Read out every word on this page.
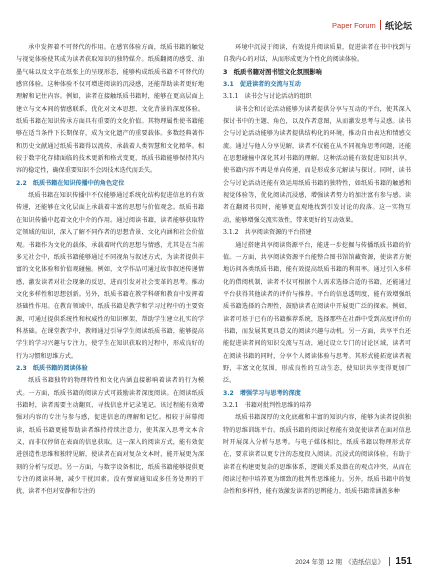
Paper Forum 纸论坛

承中发挥着不可替代的作用。在感官体验方面，纸质书籍的触觉与视觉体验使其成为读者获取知识的独特媒介。纸质翻阅的感受、油墨气味以及文字在纸张上的呈现形态，能够构成纸质书籍不可替代的感官体验。这种体验不仅可增进阅读的沉浸感，还能帮助读者更好地理解和记住内容。例如，读者在接触纸质书籍时，能够在更高层面上建立与文本间的情感联系，优化对文本思想、文化背景的深度体验。纸质书籍在知识传承方面具有重要的文化价值。其物理属性使书籍能够在适当条件下长期保存，成为文化遗产的重要载体。多数经典著作和历史文献通过纸质书籍得以流传，承载着人类智慧和文化精华。相较于数字化存储面临的技术更新和格式变更，纸质书籍能够保持其内容的稳定性，确保重要知识不会因技术迭代而丢失。

2.2　纸质书籍在知识传播中的角色定位

纸质书籍在知识传播中不仅能够通过系统化结构促进信息的有效传递，还能够在文化层面上承载着丰富的思想与价值观念。纸质书籍在知识传播中起着文化中介的作用。通过阅读书籍，读者能够获取特定领域的知识，深入了解不同作者的思想背景、文化内涵和社会价值观。书籍作为文化的载体，承载着时代的思想与情感，尤其是在当前多元社会中，纸质书籍能够通过不同视角与叙述方式，为读者提供丰富的文化体验和价值观碰撞。例如，文学作品可通过故事叙述传递情感，激发读者对社会现象的反思，进而引发对社会变革的思考。推动文化多样性和思想创新。另外，纸质书籍在教学科研和教育中发挥着基础性作用。在教育领域中，纸质书籍是教学和学习过程中的主要资源，可通过提供系统性和权威性的知识框架，帮助学生建立扎实的学科基础。在课堂教学中，教师通过引导学生阅读纸质书籍，能够提高学生的学习兴趣与专注力，使学生在知识获取的过程中，形成良好的行为习惯和思维方式。

2.3　纸质书籍的阅读体验

纸质书籍独特的物理特性和文化内涵直接影响着读者的行为模式。一方面，纸质书籍的阅读方式可鼓励读者深度阅读。在阅读纸质书籍时，读者需要主动翻页、寻找信息并记录笔记。该过程能有效增强对内容的专注与参与感，促进信息的理解和记忆。相较于屏幕阅读，纸质书籍更能帮助读者维持持续注意力，使其深入思考文本含义，而非仅停留在表面的信息获取。这一深入的阅读方式，能有效促进创造性思维和独特见解，使读者在面对复杂文本时，能开展更为深刻的分析与反思。另一方面，与数字设备相比，纸质书籍能够提供更专注的阅读环境，减少干扰因素。没有弹窗通知或多任务处理的干扰，读者不但对安静和专注的

环境中沉浸于阅读，有效提升阅读质量，促进读者在书中找到与自我内心的对话，从而形成更为个性化的阅读体验。

3　纸质书籍对图书馆文化氛围影响
3.1　促进读者的交流与互动
3.1.1　读书会与讨论活动的组织

读书会和讨论活动能够为读者提供分享与互动的平台，使其深入探讨书中的主题、角色，以及作者意图，从而激发思考与灵感。读书会与讨论活动能够为读者提供结构化的环境，推动自由表达和情感交流。通过与他人分享见解，读者不仅能在从不同视角思考问题，还能在思想碰撞中深化其对书籍的理解。这种活动能有效促进知识共享，使书籍内容不再是单向传递，而是形成多元解读与探讨。同时，读书会与讨论活动还能有效运用纸质书籍的独特性，如纸质书籍的触感和视觉体验等，优化阅读沉浸感，增强读者努力的加注富有参与感。读者在翻阅书页时，能够更直观地找到引发讨论的段落。这一实物互动，能够增强交流实效性，带来更好的互动效果。

3.1.2　共享阅读资源的平台搭建

通过搭建共享阅读资源平台，能进一步挖掘与传播纸质书籍的价值。一方面，共享阅读资源平台能整合图书馆馆藏资源，使读者方便地访问各类纸质书籍，能有效提高纸质书籍的利用率。通过引入多样化的借阅机制，读者不仅可根据个人需求选择合适的书籍，还能通过平台获得其他读者的评价与推荐。平台的信息透明度，能有效增强纸质书籍选择的合理性，鼓励读者在阅读中开展更广泛的探索。例如，读者可基于已有的书籍推荐系统，选择那些在社群中受到高度评价的书籍，而发展其更具意义的阅读兴趣与动机。另一方面，共享平台还能促进读者间的知识交流与互动，通过设立专门的讨论区域，读者可在阅读书籍的同时，分享个人阅读体验与思考。其形式能拓宽读者视野，丰富文化氛围，形成良性的互动生态，使知识共享变得更加广泛。

3.2　增强学习与思考的深度
3.2.1　书籍对批判性思维的培养

纸质书籍深厚的文化底蕴和丰富的知识内容，能够为读者提供独特的思维训练平台。纸质书籍的阅读过程能有效促使读者在面对信息时开展深入分析与思考。与电子媒体相比，纸质书籍以物理形式存在，要求读者以更专注的态度投入阅读。沉浸式的阅读体验，有助于读者在构建更复杂的思维体系，逻辑关系及潜在的观点冲突，从而在阅读过程中培养更为细致的批判性思维能力。另外，纸质书籍中的复杂性和多样性，能有效激发读者的思辨能力。纸质书籍常涵盖多种

2024 年第 12 期　《造纸信息》 151
